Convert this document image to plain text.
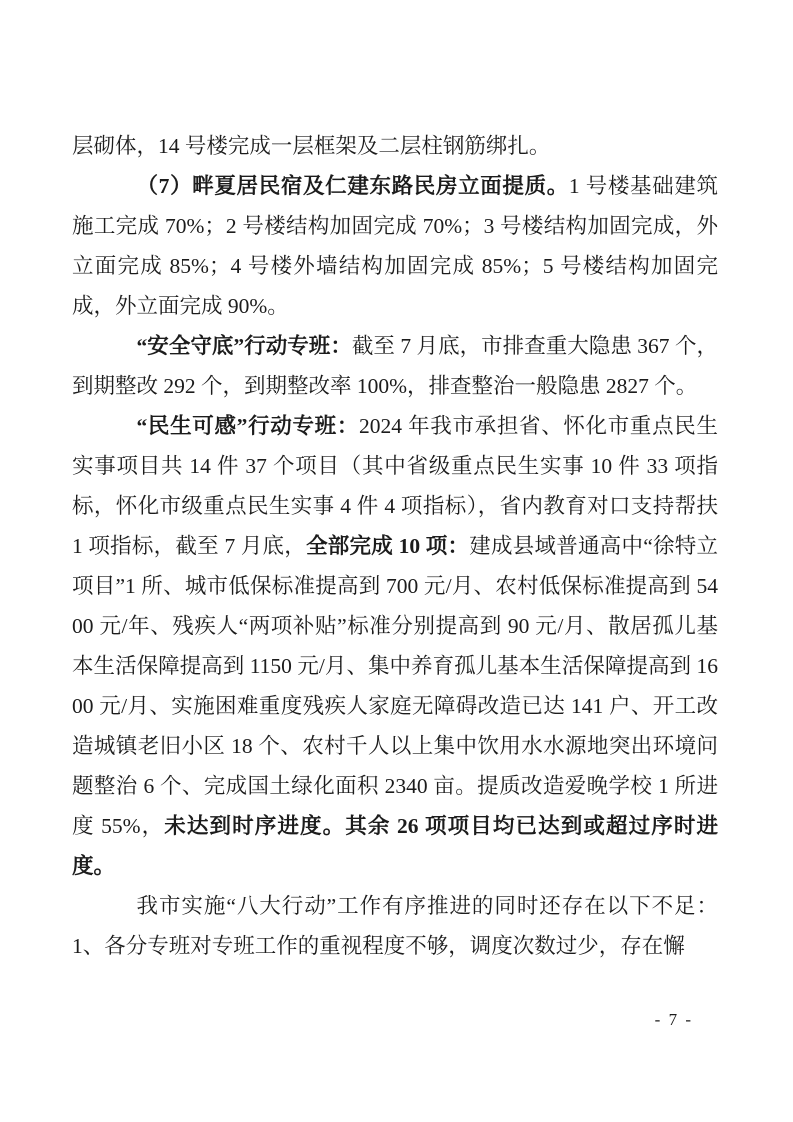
层砌体，14 号楼完成一层框架及二层柱钢筋绑扎。

（7）畔夏居民宿及仁建东路民房立面提质。1 号楼基础建筑施工完成 70%；2 号楼结构加固完成 70%；3 号楼结构加固完成，外立面完成 85%；4 号楼外墙结构加固完成 85%；5 号楼结构加固完成，外立面完成 90%。

“安全守底”行动专班：截至 7 月底，市排查重大隐患 367 个，到期整改 292 个，到期整改率 100%，排查整治一般隐患 2827 个。

“民生可感”行动专班：2024 年我市承担省、怀化市重点民生实事项目共 14 件 37 个项目（其中省级重点民生实事 10 件 33 项指标，怀化市级重点民生实事 4 件 4 项指标），省内教育对口支持帮扶 1 项指标，截至 7 月底，全部完成 10 项：建成县域普通高中“徐特立项目”1 所、城市低保标准提高到 700 元/月、农村低保标准提高到 5400 元/年、残疾人“两项补贴”标准分别提高到 90 元/月、散居孤儿基本生活保障提高到 1150 元/月、集中养育孤儿基本生活保障提高到 1600 元/月、实施困难重度残疾人家庭无障碍改造已达 141 户、开工改造城镇老旧小区 18 个、农村千人以上集中饮用水水源地突出环境问题整治 6 个、完成国土绿化面积 2340 亩。提质改造爱晚学校 1 所进度 55%，未达到时序进度。其余 26 项项目均已达到或超过序时进度。

我市实施“八大行动”工作有序推进的同时还存在以下不足：1、各分专班对专班工作的重视程度不够，调度次数过少，存在懈

- 7 -
